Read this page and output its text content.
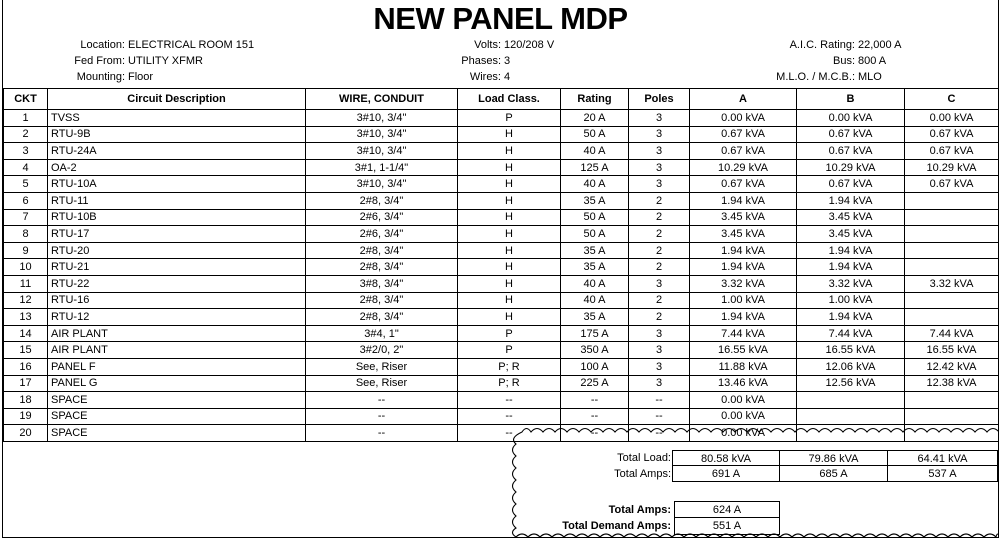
NEW PANEL MDP
Location: ELECTRICAL ROOM 151
Fed From: UTILITY XFMR
Mounting: Floor
Volts: 120/208 V
Phases: 3
Wires: 4
A.I.C. Rating: 22,000 A
Bus: 800 A
M.L.O. / M.C.B.: MLO
CKT	Circuit Description	WIRE, CONDUIT	Load Class.	Rating	Poles	A	B	C
1	TVSS	3#10, 3/4"	P	20 A	3	0.00 kVA	0.00 kVA	0.00 kVA
2	RTU-9B	3#10, 3/4"	H	50 A	3	0.67 kVA	0.67 kVA	0.67 kVA
3	RTU-24A	3#10, 3/4"	H	40 A	3	0.67 kVA	0.67 kVA	0.67 kVA
4	OA-2	3#1, 1-1/4"	H	125 A	3	10.29 kVA	10.29 kVA	10.29 kVA
5	RTU-10A	3#10, 3/4"	H	40 A	3	0.67 kVA	0.67 kVA	0.67 kVA
6	RTU-11	2#8, 3/4"	H	35 A	2	1.94 kVA	1.94 kVA	
7	RTU-10B	2#6, 3/4"	H	50 A	2	3.45 kVA	3.45 kVA	
8	RTU-17	2#6, 3/4"	H	50 A	2	3.45 kVA	3.45 kVA	
9	RTU-20	2#8, 3/4"	H	35 A	2	1.94 kVA	1.94 kVA	
10	RTU-21	2#8, 3/4"	H	35 A	2	1.94 kVA	1.94 kVA	
11	RTU-22	3#8, 3/4"	H	40 A	3	3.32 kVA	3.32 kVA	3.32 kVA
12	RTU-16	2#8, 3/4"	H	40 A	2	1.00 kVA	1.00 kVA	
13	RTU-12	2#8, 3/4"	H	35 A	2	1.94 kVA	1.94 kVA	
14	AIR PLANT	3#4, 1"	P	175 A	3	7.44 kVA	7.44 kVA	7.44 kVA
15	AIR PLANT	3#2/0, 2"	P	350 A	3	16.55 kVA	16.55 kVA	16.55 kVA
16	PANEL F	See, Riser	P; R	100 A	3	11.88 kVA	12.06 kVA	12.42 kVA
17	PANEL G	See, Riser	P; R	225 A	3	13.46 kVA	12.56 kVA	12.38 kVA
18	SPACE	--	--	--	--	0.00 kVA		
19	SPACE	--	--	--	--	0.00 kVA		
20	SPACE	--	--	--	--	0.00 kVA		
Total Load:	80.58 kVA	79.86 kVA	64.41 kVA
Total Amps:	691 A	685 A	537 A
Total Amps:	624 A
Total Demand Amps:	551 A
